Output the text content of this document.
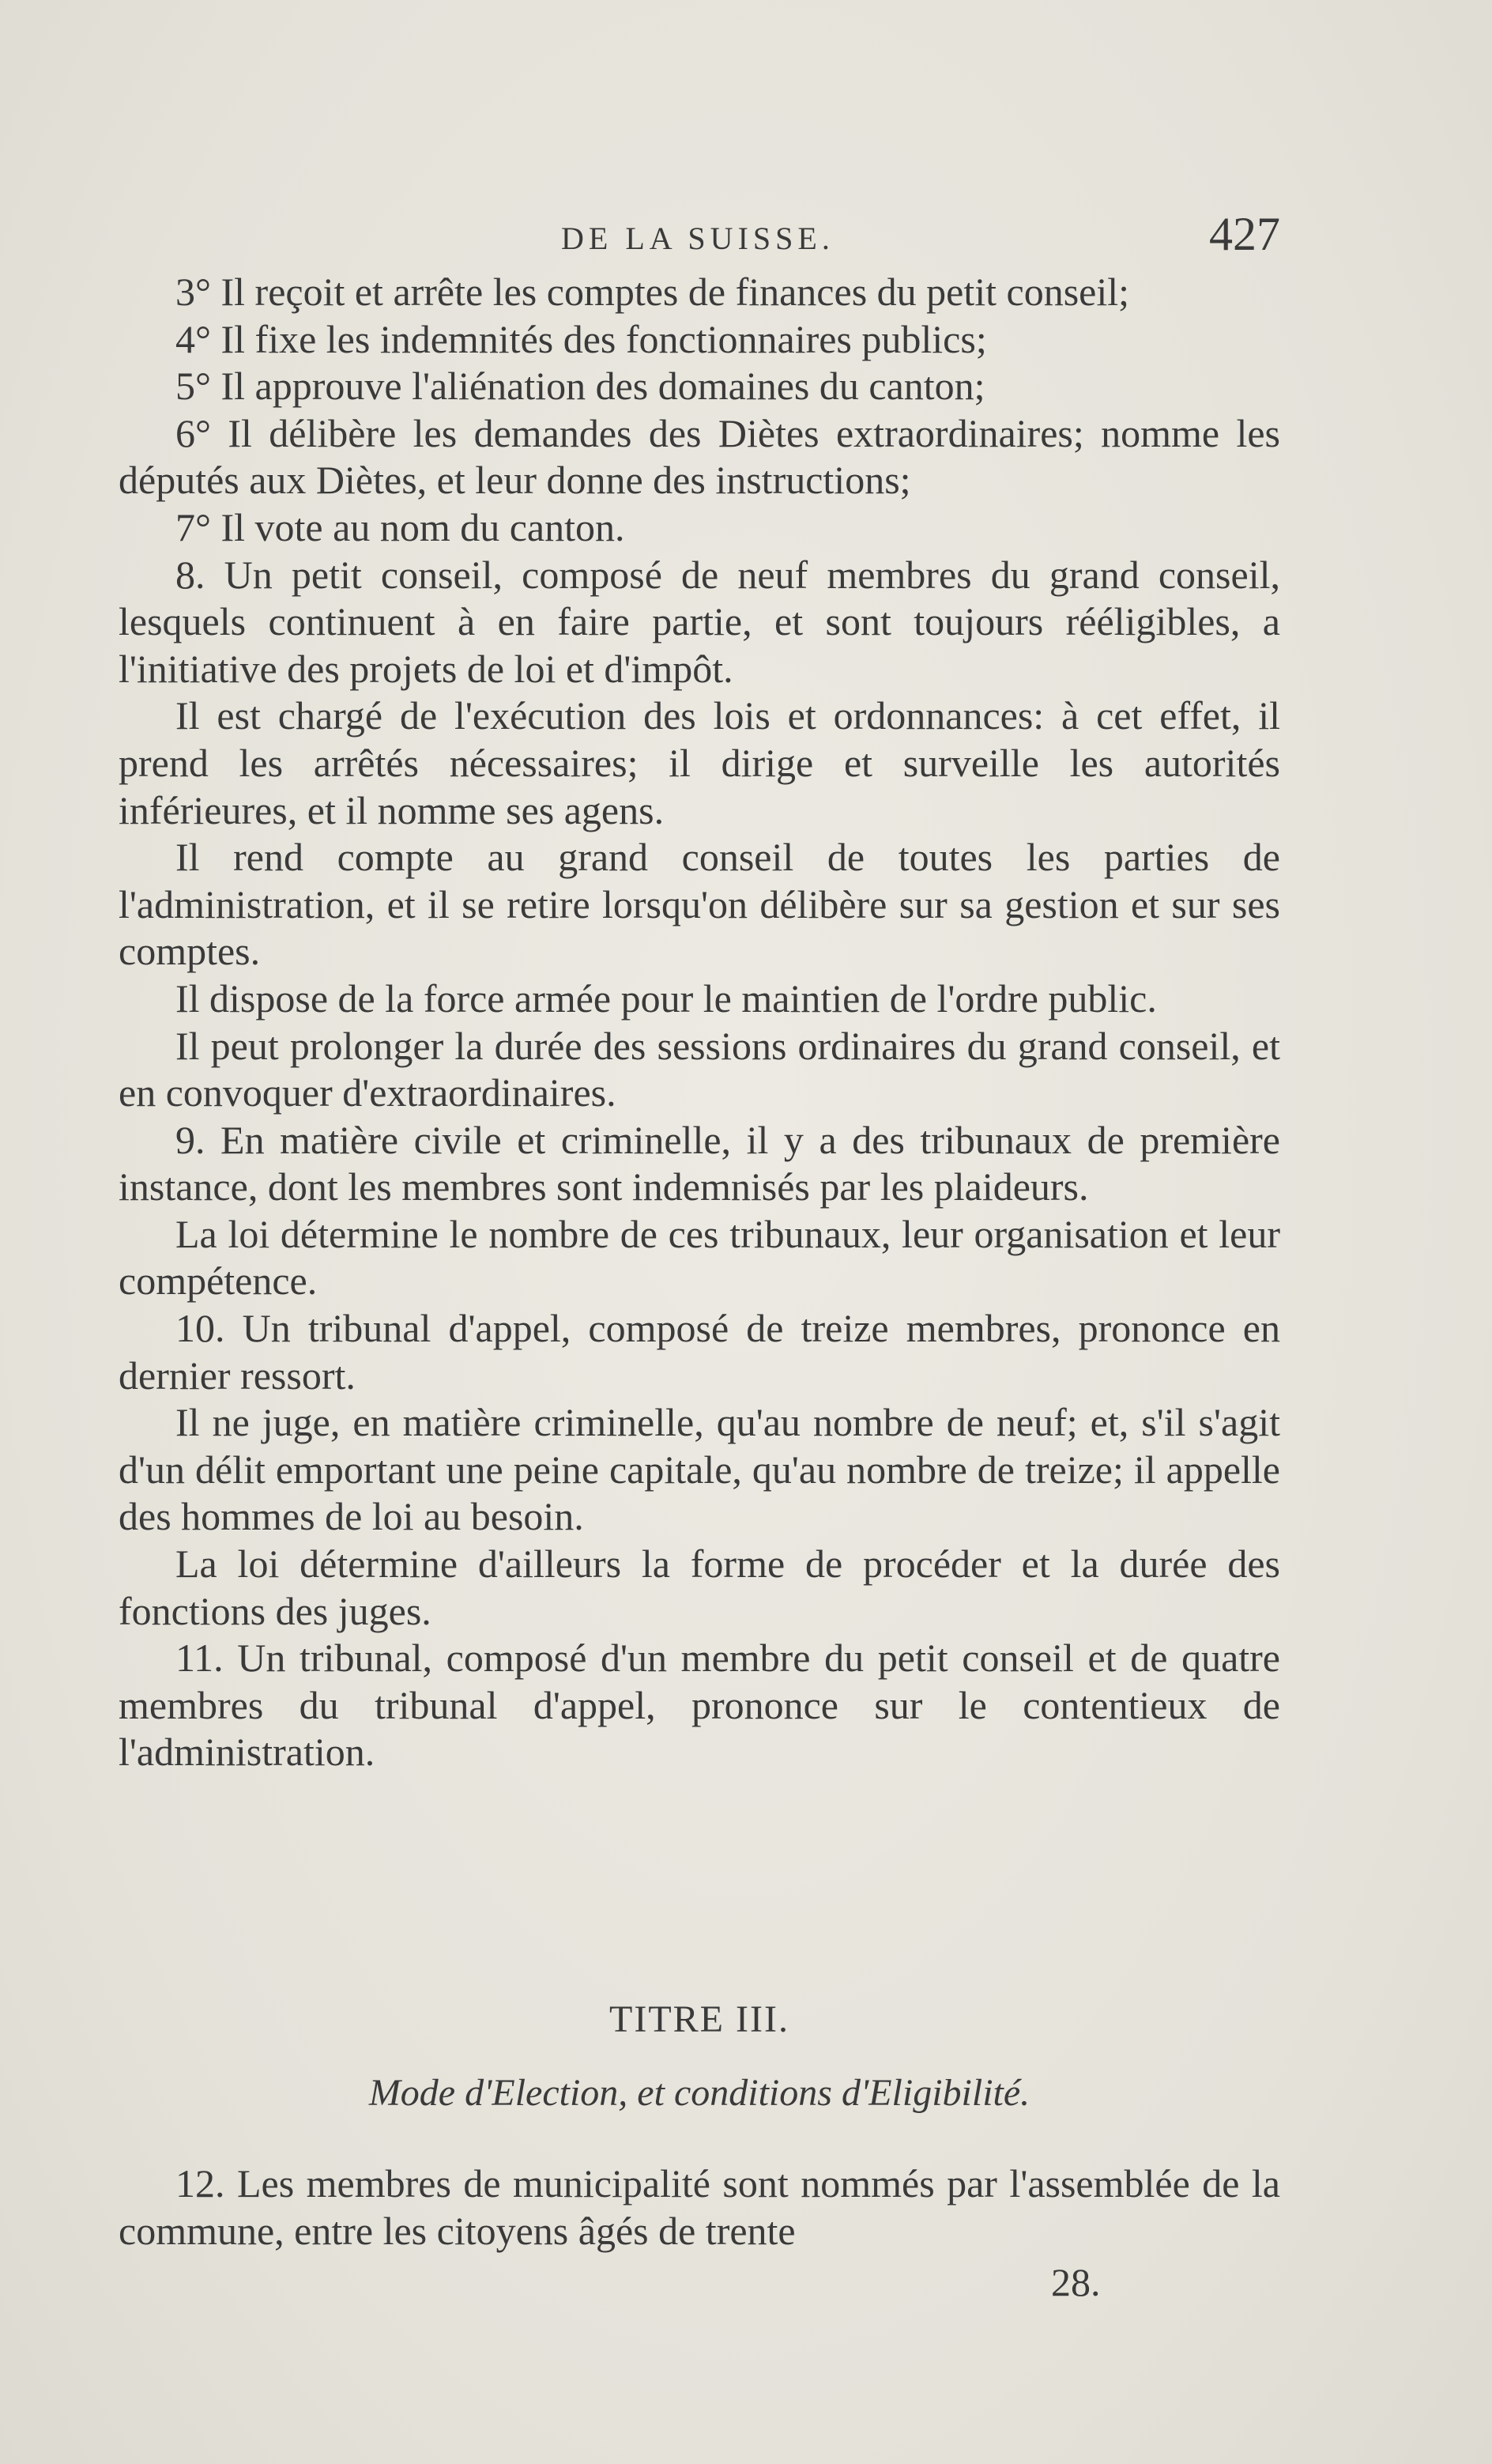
DE LA SUISSE.	427

3° Il reçoit et arrête les comptes de finances du petit conseil;

4° Il fixe les indemnités des fonctionnaires publics;

5° Il approuve l'aliénation des domaines du canton;

6° Il délibère les demandes des Diètes extraordinaires; nomme les députés aux Diètes, et leur donne des instructions;

7° Il vote au nom du canton.

8. Un petit conseil, composé de neuf membres du grand conseil, lesquels continuent à en faire partie, et sont toujours rééligibles, a l'initiative des projets de loi et d'impôt.

Il est chargé de l'exécution des lois et ordonnances: à cet effet, il prend les arrêtés nécessaires; il dirige et surveille les autorités inférieures, et il nomme ses agens.

Il rend compte au grand conseil de toutes les parties de l'administration, et il se retire lorsqu'on délibère sur sa gestion et sur ses comptes.

Il dispose de la force armée pour le maintien de l'ordre public.

Il peut prolonger la durée des sessions ordinaires du grand conseil, et en convoquer d'extraordinaires.

9. En matière civile et criminelle, il y a des tribunaux de première instance, dont les membres sont indemnisés par les plaideurs.

La loi détermine le nombre de ces tribunaux, leur organisation et leur compétence.

10. Un tribunal d'appel, composé de treize membres, prononce en dernier ressort.

Il ne juge, en matière criminelle, qu'au nombre de neuf; et, s'il s'agit d'un délit emportant une peine capitale, qu'au nombre de treize; il appelle des hommes de loi au besoin.

La loi détermine d'ailleurs la forme de procéder et la durée des fonctions des juges.

11. Un tribunal, composé d'un membre du petit conseil et de quatre membres du tribunal d'appel, prononce sur le contentieux de l'administration.

TITRE III.
Mode d'Election, et conditions d'Eligibilité.

12. Les membres de municipalité sont nommés par l'assemblée de la commune, entre les citoyens âgés de trente

28.
